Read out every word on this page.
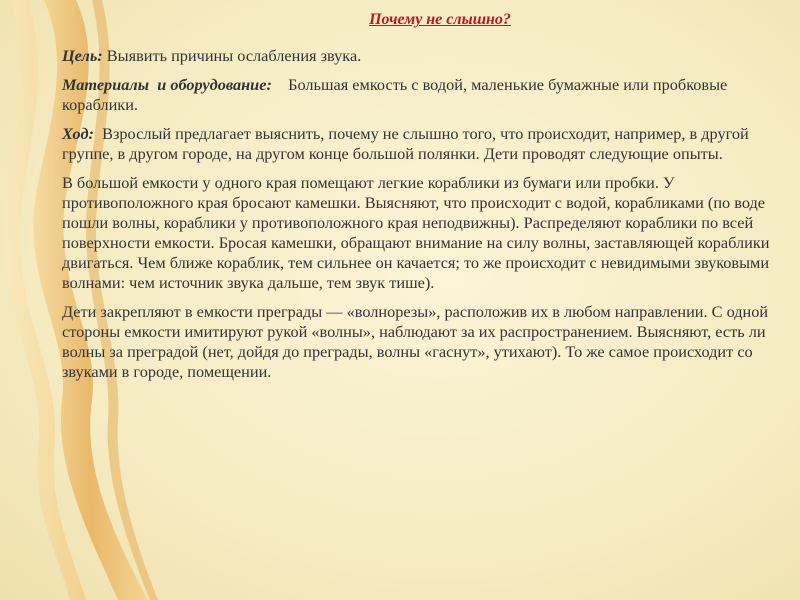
Почему не слышно?

Цель: Выявить причины ослабления звука.

Материалы  и оборудование: Большая емкость с водой, маленькие бумажные или пробковые кораблики.

Ход: Взрослый предлагает выяснить, почему не слышно того, что происходит, например, в другой группе, в другом городе, на другом конце большой полянки. Дети проводят следующие опыты.

В большой емкости у одного края помещают легкие кораблики из бумаги или пробки. У противоположного края бросают камешки. Выясняют, что происходит с водой, корабликами (по воде пошли волны, кораблики у противоположного края неподвижны). Распределяют кораблики по всей поверхности емкости. Бросая камешки, обращают внимание на силу волны, заставляющей кораблики двигаться. Чем ближе кораблик, тем сильнее он качается; то же происходит с невидимыми звуковыми волнами: чем источник звука дальше, тем звук тише).

Дети закрепляют в емкости преграды — «волнорезы», расположив их в любом направлении. С одной стороны емкости имитируют рукой «волны», наблюдают за их распространением. Выясняют, есть ли волны за преградой (нет, дойдя до преграды, волны «гаснут», утихают). То же самое происходит со звуками в городе, помещении.
